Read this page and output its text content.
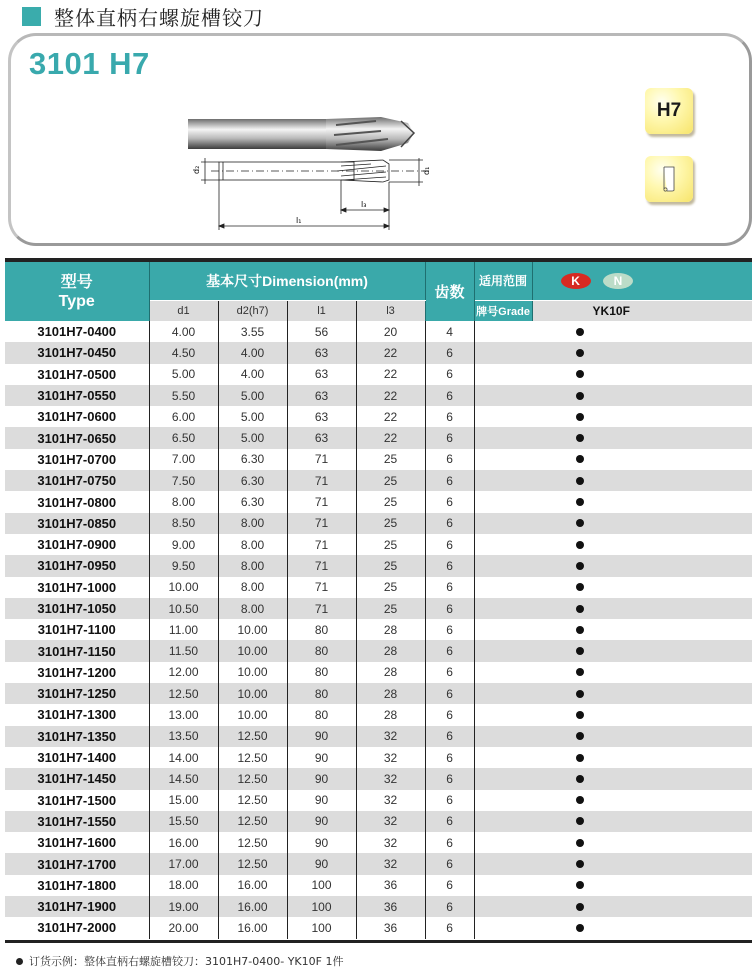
整体直柄右螺旋槽铰刀
3101 H7
d₂	d₁
l₃
l₁
H7
型号
Type	基本尺寸Dimension(mm)				齿数	适用范围	K N
	d1	d2(h7)	l1	l3		牌号Grade	YK10F
3101H7-0400	4.00	3.55	56	20	4		
3101H7-0450	4.50	4.00	63	22	6		
3101H7-0500	5.00	4.00	63	22	6		
3101H7-0550	5.50	5.00	63	22	6		
3101H7-0600	6.00	5.00	63	22	6		
3101H7-0650	6.50	5.00	63	22	6		
3101H7-0700	7.00	6.30	71	25	6		
3101H7-0750	7.50	6.30	71	25	6		
3101H7-0800	8.00	6.30	71	25	6		
3101H7-0850	8.50	8.00	71	25	6		
3101H7-0900	9.00	8.00	71	25	6		
3101H7-0950	9.50	8.00	71	25	6		
3101H7-1000	10.00	8.00	71	25	6		
3101H7-1050	10.50	8.00	71	25	6		
3101H7-1100	11.00	10.00	80	28	6		
3101H7-1150	11.50	10.00	80	28	6		
3101H7-1200	12.00	10.00	80	28	6		
3101H7-1250	12.50	10.00	80	28	6		
3101H7-1300	13.00	10.00	80	28	6		
3101H7-1350	13.50	12.50	90	32	6		
3101H7-1400	14.00	12.50	90	32	6		
3101H7-1450	14.50	12.50	90	32	6		
3101H7-1500	15.00	12.50	90	32	6		
3101H7-1550	15.50	12.50	90	32	6		
3101H7-1600	16.00	12.50	90	32	6		
3101H7-1700	17.00	12.50	90	32	6		
3101H7-1800	18.00	16.00	100	36	6		
3101H7-1900	19.00	16.00	100	36	6		
3101H7-2000	20.00	16.00	100	36	6		
订货示例：整体直柄右螺旋槽铰刀：3101H7-0400- YK10F 1件
